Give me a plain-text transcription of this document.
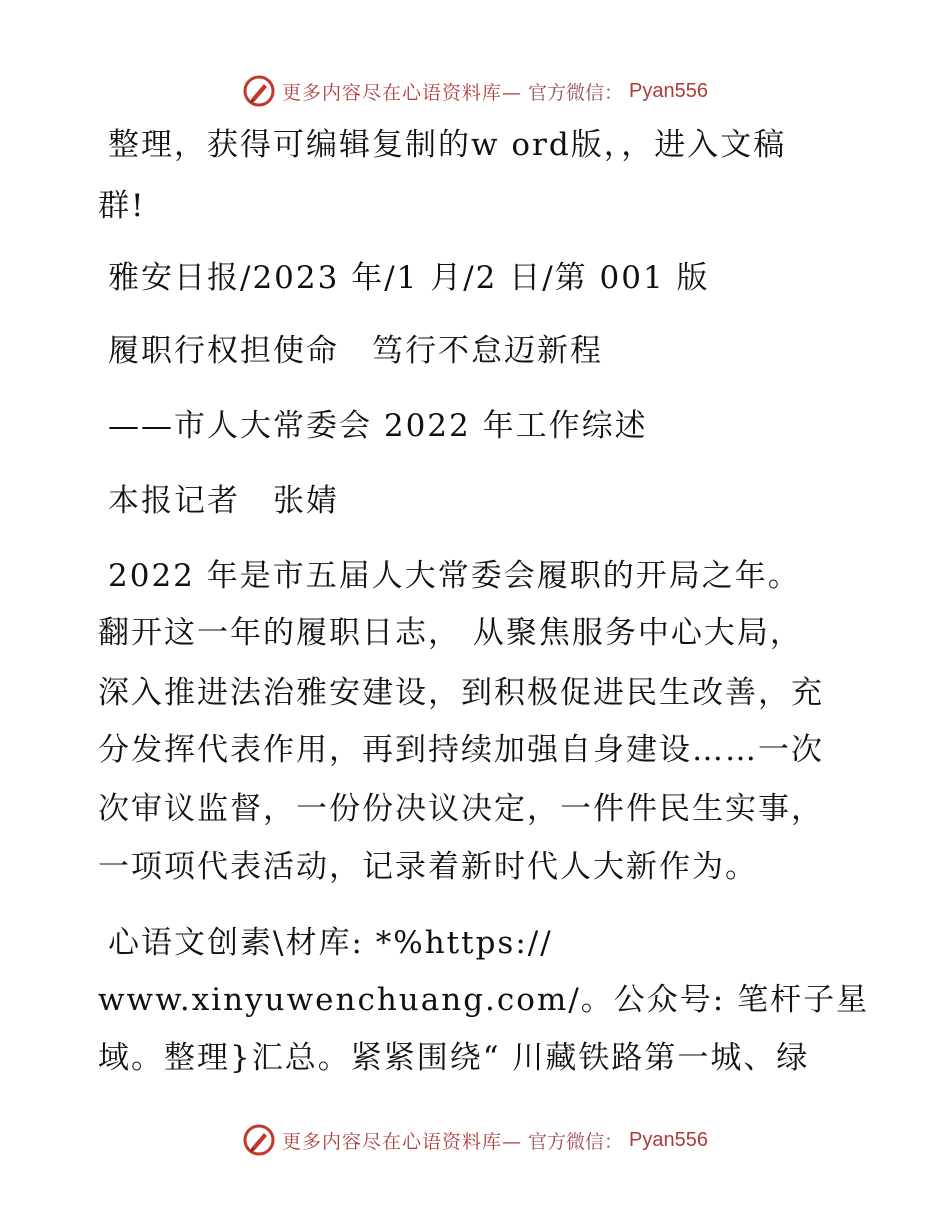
更多内容尽在心语资料库— 官方微信： Pyan556
整理，获得可编辑复制的w ord版，，进入文稿
群!
雅安日报/2023 年/1 月/2 日/第 001 版
履职行权担使命　笃行不怠迈新程
——市人大常委会 2022 年工作综述
本报记者　张婧
2022 年是市五届人大常委会履职的开局之年。
翻开这一年的履职日志， 从聚焦服务中心大局，
深入推进法治雅安建设，到积极促进民生改善，充
分发挥代表作用，再到持续加强自身建设……一次
次审议监督，一份份决议决定，一件件民生实事，
一项项代表活动，记录着新时代人大新作为。
心语文创素\材库: *%https://
www.xinyuwenchuang.com/。公众号: 笔杆子星
域。整理}汇总。紧紧围绕“ 川藏铁路第一城、绿
更多内容尽在心语资料库— 官方微信： Pyan556
